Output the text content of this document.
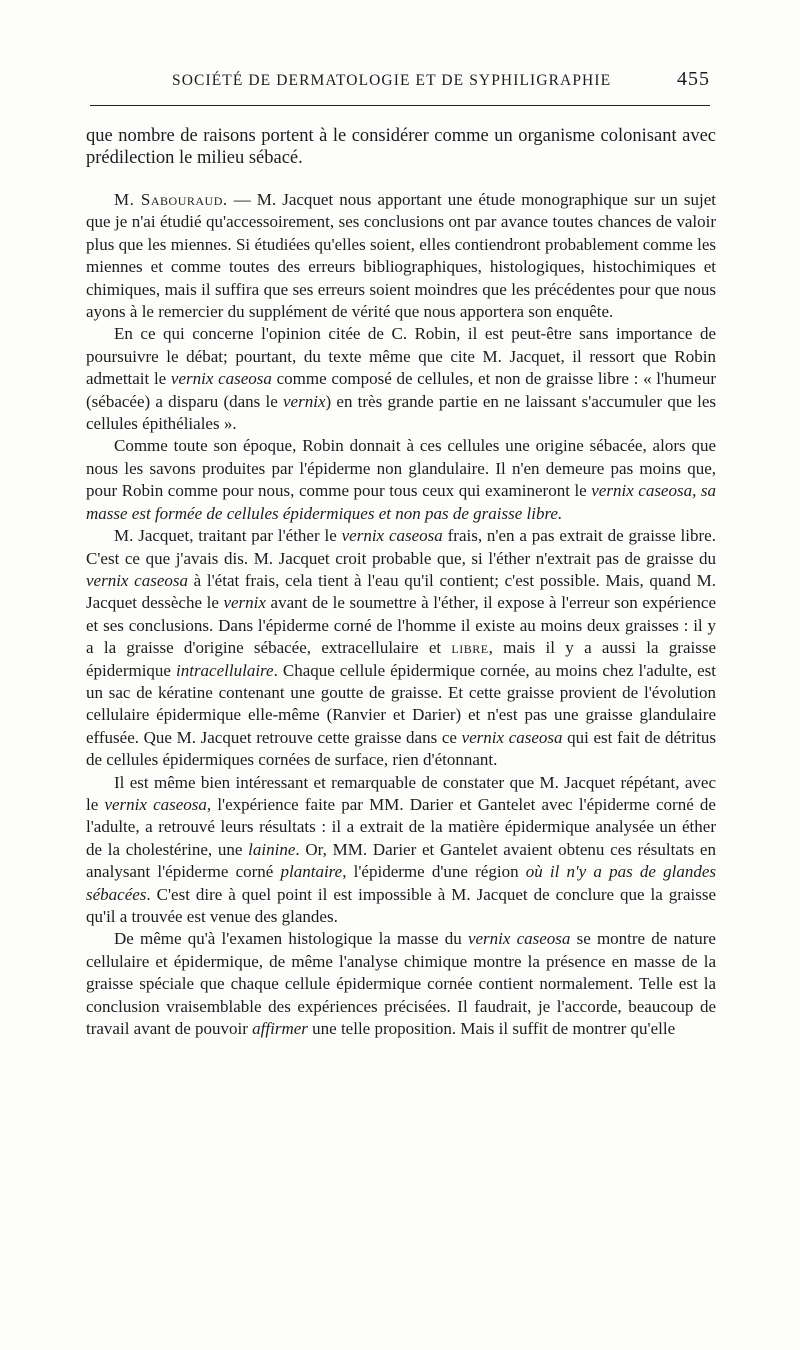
SOCIÉTÉ DE DERMATOLOGIE ET DE SYPHILIGRAPHIE	455

que nombre de raisons portent à le considérer comme un organisme colonisant avec prédilection le milieu sébacé.

M. Sabouraud. — M. Jacquet nous apportant une étude monographique sur un sujet que je n'ai étudié qu'accessoirement, ses conclusions ont par avance toutes chances de valoir plus que les miennes. Si étudiées qu'elles soient, elles contiendront probablement comme les miennes et comme toutes des erreurs bibliographiques, histologiques, histochimiques et chimiques, mais il suffira que ses erreurs soient moindres que les précédentes pour que nous ayons à le remercier du supplément de vérité que nous apportera son enquête.

En ce qui concerne l'opinion citée de C. Robin, il est peut-être sans importance de poursuivre le débat; pourtant, du texte même que cite M. Jacquet, il ressort que Robin admettait le vernix caseosa comme composé de cellules, et non de graisse libre : « l'humeur (sébacée) a disparu (dans le vernix) en très grande partie en ne laissant s'accumuler que les cellules épithéliales ».

Comme toute son époque, Robin donnait à ces cellules une origine sébacée, alors que nous les savons produites par l'épiderme non glandulaire. Il n'en demeure pas moins que, pour Robin comme pour nous, comme pour tous ceux qui examineront le vernix caseosa, sa masse est formée de cellules épidermiques et non pas de graisse libre.

M. Jacquet, traitant par l'éther le vernix caseosa frais, n'en a pas extrait de graisse libre. C'est ce que j'avais dis. M. Jacquet croit probable que, si l'éther n'extrait pas de graisse du vernix caseosa à l'état frais, cela tient à l'eau qu'il contient; c'est possible. Mais, quand M. Jacquet dessèche le vernix avant de le soumettre à l'éther, il expose à l'erreur son expérience et ses conclusions. Dans l'épiderme corné de l'homme il existe au moins deux graisses : il y a la graisse d'origine sébacée, extracellulaire et libre, mais il y a aussi la graisse épidermique intracellulaire. Chaque cellule épidermique cornée, au moins chez l'adulte, est un sac de kératine contenant une goutte de graisse. Et cette graisse provient de l'évolution cellulaire épidermique elle-même (Ranvier et Darier) et n'est pas une graisse glandulaire effusée. Que M. Jacquet retrouve cette graisse dans ce vernix caseosa qui est fait de détritus de cellules épidermiques cornées de surface, rien d'étonnant.

Il est même bien intéressant et remarquable de constater que M. Jacquet répétant, avec le vernix caseosa, l'expérience faite par MM. Darier et Gantelet avec l'épiderme corné de l'adulte, a retrouvé leurs résultats : il a extrait de la matière épidermique analysée un éther de la cholestérine, une lainine. Or, MM. Darier et Gantelet avaient obtenu ces résultats en analysant l'épiderme corné plantaire, l'épiderme d'une région où il n'y a pas de glandes sébacées. C'est dire à quel point il est impossible à M. Jacquet de conclure que la graisse qu'il a trouvée est venue des glandes.

De même qu'à l'examen histologique la masse du vernix caseosa se montre de nature cellulaire et épidermique, de même l'analyse chimique montre la présence en masse de la graisse spéciale que chaque cellule épidermique cornée contient normalement. Telle est la conclusion vraisemblable des expériences précisées. Il faudrait, je l'accorde, beaucoup de travail avant de pouvoir affirmer une telle proposition. Mais il suffit de montrer qu'elle
